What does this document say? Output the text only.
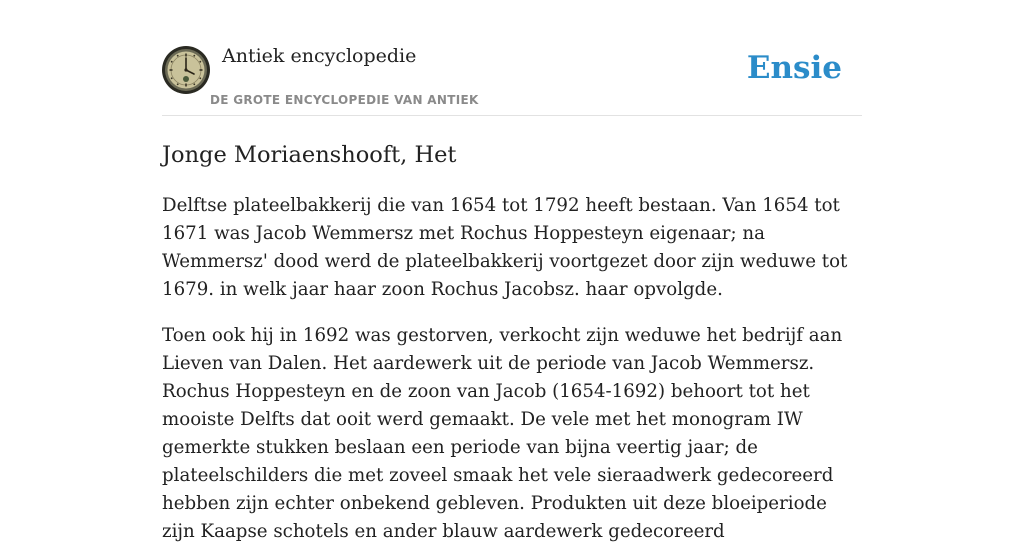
Antiek encyclopedie
DE GROTE ENCYCLOPEDIE VAN ANTIEK
Ensie
Jonge Moriaenshooft, Het

Delftse plateelbakkerij die van 1654 tot 1792 heeft bestaan. Van 1654 tot 1671 was Jacob Wemmersz met Rochus Hoppesteyn eigenaar; na Wemmersz' dood werd de plateelbakkerij voortgezet door zijn weduwe tot 1679. in welk jaar haar zoon Rochus Jacobsz. haar opvolgde.

Toen ook hij in 1692 was gestorven, verkocht zijn weduwe het bedrijf aan Lieven van Dalen. Het aardewerk uit de periode van Jacob Wemmersz. Rochus Hoppesteyn en de zoon van Jacob (1654-1692) behoort tot het mooiste Delfts dat ooit werd gemaakt. De vele met het monogram IW gemerkte stukken beslaan een periode van bijna veertig jaar; de plateelschilders die met zoveel smaak het vele sieraadwerk gedecoreerd hebben zijn echter onbekend gebleven. Produkten uit deze bloeiperiode zijn Kaapse schotels en ander blauw aardewerk gedecoreerd
